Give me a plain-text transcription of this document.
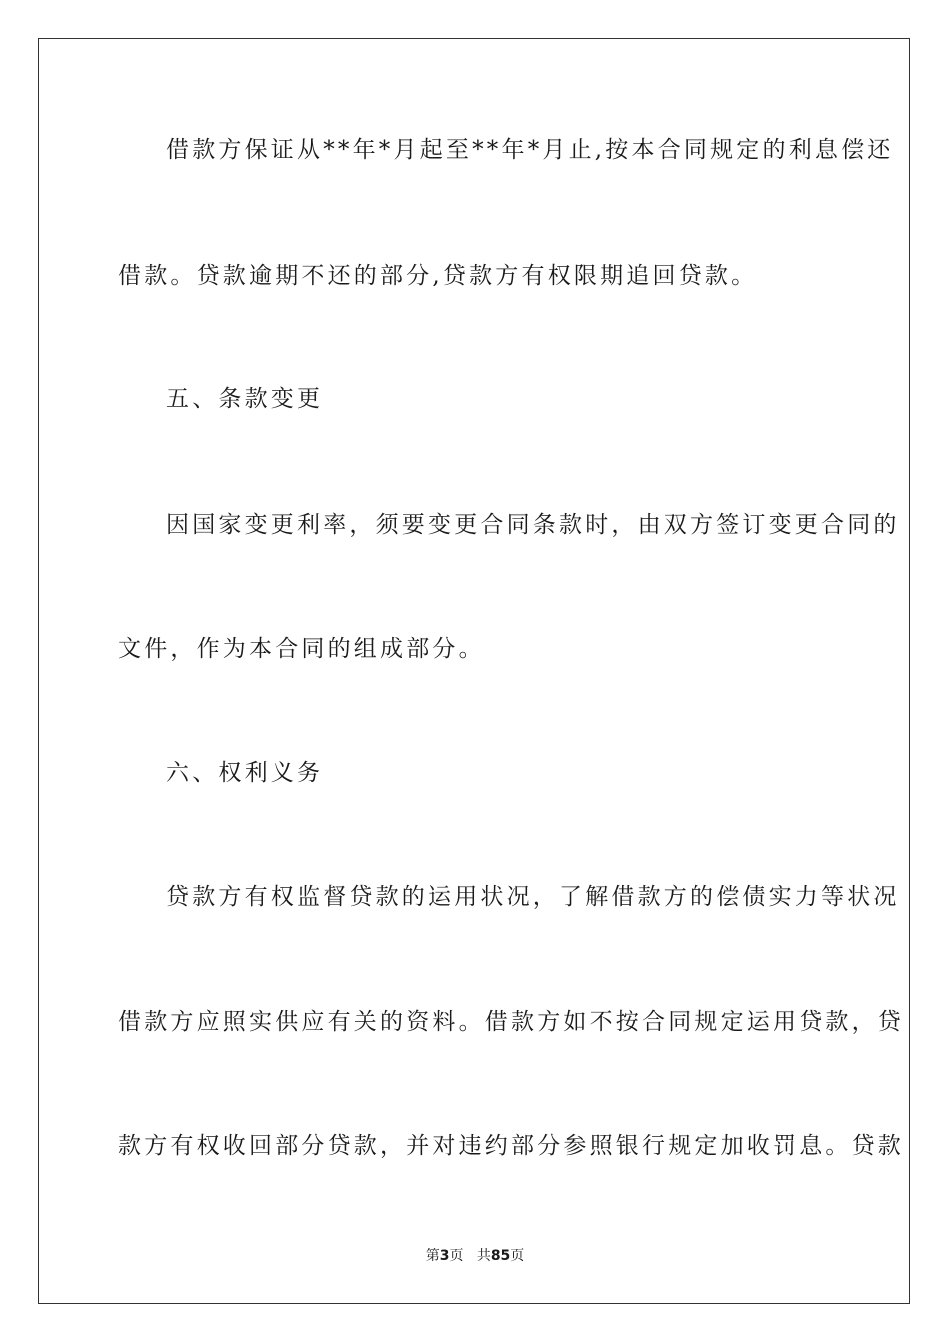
借款方保证从**年*月起至**年*月止,按本合同规定的利息偿还
借款。贷款逾期不还的部分,贷款方有权限期追回贷款。
五、条款变更
因国家变更利率，须要变更合同条款时，由双方签订变更合同的
文件，作为本合同的组成部分。
六、权利义务
贷款方有权监督贷款的运用状况，了解借款方的偿债实力等状况
借款方应照实供应有关的资料。借款方如不按合同规定运用贷款，贷
款方有权收回部分贷款，并对违约部分参照银行规定加收罚息。贷款
第3页 共85页
